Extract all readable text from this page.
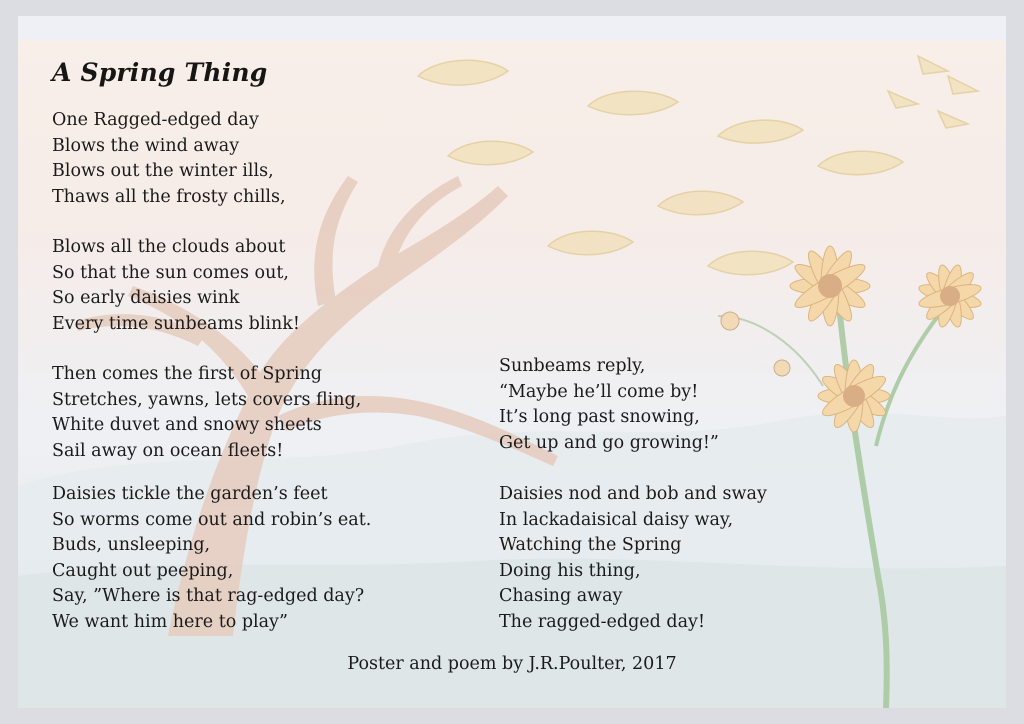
A Spring Thing
One Ragged-edged day
Blows the wind away
Blows out the winter ills,
Thaws all the frosty chills,
Blows all the clouds about
So that the sun comes out,
So early daisies wink
Every time sunbeams blink!
Then comes the first of Spring
Stretches, yawns, lets covers fling,
White duvet and snowy sheets
Sail away on ocean fleets!
Daisies tickle the garden’s feet
So worms come out and robin’s eat.
Buds, unsleeping,
Caught out peeping,
Say, ”Where is that rag-edged day?
We want him here to play”
Sunbeams reply,
“Maybe he’ll come by!
It’s long past snowing,
Get up and go growing!”
Daisies nod and bob and sway
In lackadaisical daisy way,
Watching the Spring
Doing his thing,
Chasing away
The ragged-edged day!

Poster and poem by J.R.Poulter, 2017
